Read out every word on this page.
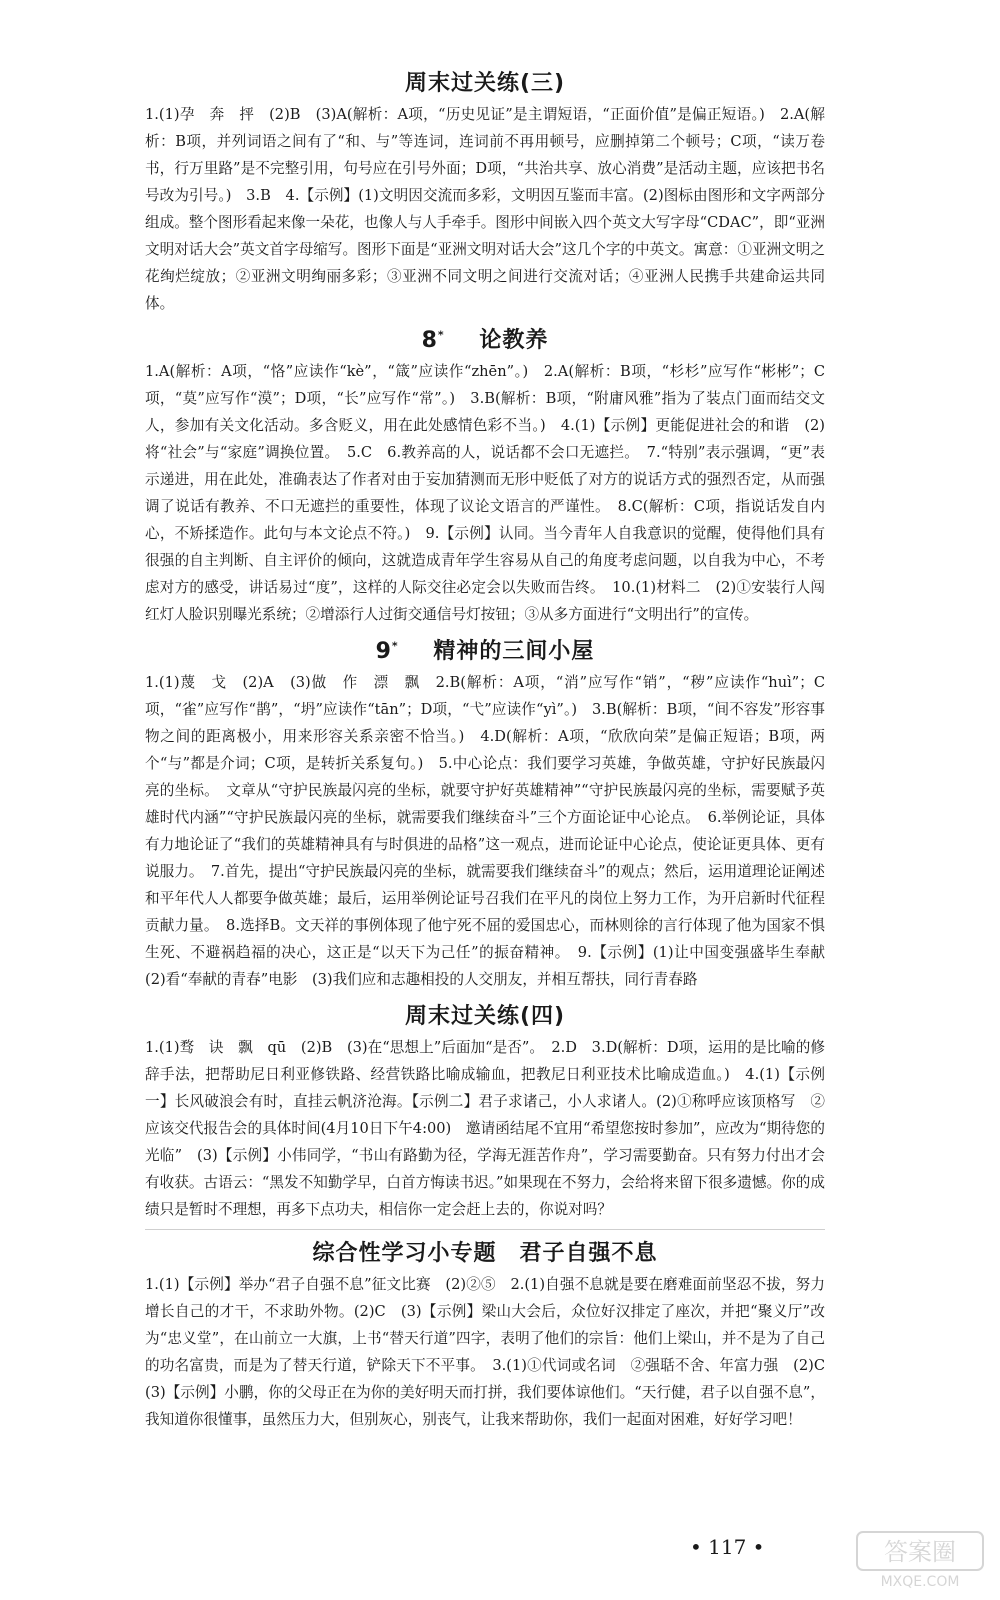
周末过关练(三)

1.(1)孕　奔　抨　(2)B　(3)A(解析：A项，“历史见证”是主谓短语，“正面价值”是偏正短语。)　2.A(解析：B项，并列词语之间有了“和、与”等连词，连词前不再用顿号，应删掉第二个顿号；C项，“读万卷书，行万里路”是不完整引用，句号应在引号外面；D项，“共治共享、放心消费”是活动主题，应该把书名号改为引号。)　3.B　4.【示例】(1)文明因交流而多彩，文明因互鉴而丰富。(2)图标由图形和文字两部分组成。整个图形看起来像一朵花，也像人与人手牵手。图形中间嵌入四个英文大写字母“CDAC”，即“亚洲文明对话大会”英文首字母缩写。图形下面是“亚洲文明对话大会”这几个字的中英文。寓意：①亚洲文明之花绚烂绽放；②亚洲文明绚丽多彩；③亚洲不同文明之间进行交流对话；④亚洲人民携手共建命运共同体。

8* 论教养

1.A(解析：A项，“恪”应读作“kè”，“箴”应读作“zhēn”。)　2.A(解析：B项，“杉杉”应写作“彬彬”；C项，“莫”应写作“漠”；D项，“长”应写作“常”。)　3.B(解析：B项，“附庸风雅”指为了装点门面而结交文人，参加有关文化活动。多含贬义，用在此处感情色彩不当。)　4.(1)【示例】更能促进社会的和谐　(2)将“社会”与“家庭”调换位置。　5.C　6.教养高的人，说话都不会口无遮拦。　7.“特别”表示强调，“更”表示递进，用在此处，准确表达了作者对由于妄加猜测而无形中贬低了对方的说话方式的强烈否定，从而强调了说话有教养、不口无遮拦的重要性，体现了议论文语言的严谨性。　8.C(解析：C项，指说话发自内心，不矫揉造作。此句与本文论点不符。)　9.【示例】认同。当今青年人自我意识的觉醒，使得他们具有很强的自主判断、自主评价的倾向，这就造成青年学生容易从自己的角度考虑问题，以自我为中心，不考虑对方的感受，讲话易过“度”，这样的人际交往必定会以失败而告终。　10.(1)材料二　(2)①安装行人闯红灯人脸识别曝光系统；②增添行人过街交通信号灯按钮；③从多方面进行“文明出行”的宣传。

9* 精神的三间小屋

1.(1)蔑　戈　(2)A　(3)做　作　漂　飘　2.B(解析：A项，“消”应写作“销”，“秽”应读作“huì”；C项，“雀”应写作“鹊”，“坍”应读作“tān”；D项，“弋”应读作“yì”。)　3.B(解析：B项，“间不容发”形容事物之间的距离极小，用来形容关系亲密不恰当。)　4.D(解析：A项，“欣欣向荣”是偏正短语；B项，两个“与”都是介词；C项，是转折关系复句。)　5.中心论点：我们要学习英雄，争做英雄，守护好民族最闪亮的坐标。　文章从“守护民族最闪亮的坐标，就要守护好英雄精神”“守护民族最闪亮的坐标，需要赋予英雄时代内涵”“守护民族最闪亮的坐标，就需要我们继续奋斗”三个方面论证中心论点。　6.举例论证，具体有力地论证了“我们的英雄精神具有与时俱进的品格”这一观点，进而论证中心论点，使论证更具体、更有说服力。　7.首先，提出“守护民族最闪亮的坐标，就需要我们继续奋斗”的观点；然后，运用道理论证阐述和平年代人人都要争做英雄；最后，运用举例论证号召我们在平凡的岗位上努力工作，为开启新时代征程贡献力量。　8.选择B。文天祥的事例体现了他宁死不屈的爱国忠心，而林则徐的言行体现了他为国家不惧生死、不避祸趋福的决心，这正是“以天下为己任”的振奋精神。　9.【示例】(1)让中国变强盛毕生奉献　(2)看“奉献的青春”电影　(3)我们应和志趣相投的人交朋友，并相互帮扶，同行青春路

周末过关练(四)

1.(1)骛　诀　飘　qū　(2)B　(3)在“思想上”后面加“是否”。　2.D　3.D(解析：D项，运用的是比喻的修辞手法，把帮助尼日利亚修铁路、经营铁路比喻成输血，把教尼日利亚技术比喻成造血。)　4.(1)【示例一】长风破浪会有时，直挂云帆济沧海。【示例二】君子求诸己，小人求诸人。(2)①称呼应该顶格写　②应该交代报告会的具体时间(4月10日下午4:00)　邀请函结尾不宜用“希望您按时参加”，应改为“期待您的光临”　(3)【示例】小伟同学，“书山有路勤为径，学海无涯苦作舟”，学习需要勤奋。只有努力付出才会有收获。古语云：“黑发不知勤学早，白首方悔读书迟。”如果现在不努力，会给将来留下很多遗憾。你的成绩只是暂时不理想，再多下点功夫，相信你一定会赶上去的，你说对吗？

综合性学习小专题　君子自强不息

1.(1)【示例】举办“君子自强不息”征文比赛　(2)②⑤　2.(1)自强不息就是要在磨难面前坚忍不拔，努力增长自己的才干，不求助外物。(2)C　(3)【示例】梁山大会后，众位好汉排定了座次，并把“聚义厅”改为“忠义堂”，在山前立一大旗，上书“替天行道”四字，表明了他们的宗旨：他们上梁山，并不是为了自己的功名富贵，而是为了替天行道，铲除天下不平事。　3.(1)①代词或名词　②强聒不舍、年富力强　(2)C　(3)【示例】小鹏，你的父母正在为你的美好明天而打拼，我们要体谅他们。“天行健，君子以自强不息”，我知道你很懂事，虽然压力大，但别灰心，别丧气，让我来帮助你，我们一起面对困难，好好学习吧！

• 117 •	答案圈
MXQE.COM
